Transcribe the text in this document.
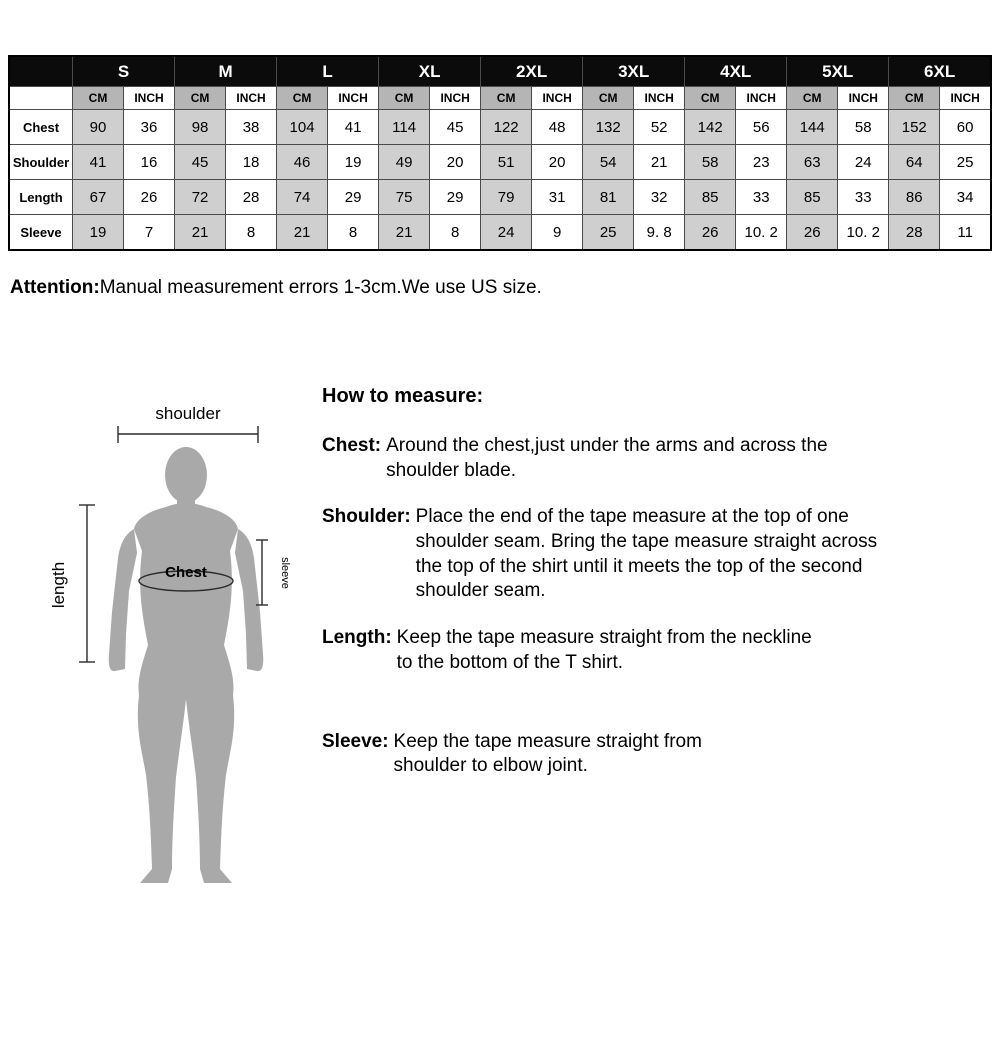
	S		M		L		XL		2XL		3XL		4XL		5XL		6XL	
	CM	INCH	CM	INCH	CM	INCH	CM	INCH	CM	INCH	CM	INCH	CM	INCH	CM	INCH	CM	INCH
Chest	90	36	98	38	104	41	114	45	122	48	132	52	142	56	144	58	152	60
Shoulder	41	16	45	18	46	19	49	20	51	20	54	21	58	23	63	24	64	25
Length	67	26	72	28	74	29	75	29	79	31	81	32	85	33	85	33	86	34
Sleeve	19	7	21	8	21	8	21	8	24	9	25	9. 8	26	10. 2	26	10. 2	28	11
Attention:Manual measurement errors 1-3cm.We use US size.
shoulder
length	Chest	sleeve
How to measure:
Chest: Around the chest,just under the arms and across the shoulder blade.
Shoulder: Place the end of the tape measure at the top of one shoulder seam. Bring the tape measure straight across the top of the shirt until it meets the top of the second shoulder seam.
Length: Keep the tape measure straight from the neckline to the bottom of the T shirt.
Sleeve: Keep the tape measure straight from shoulder to elbow joint.
